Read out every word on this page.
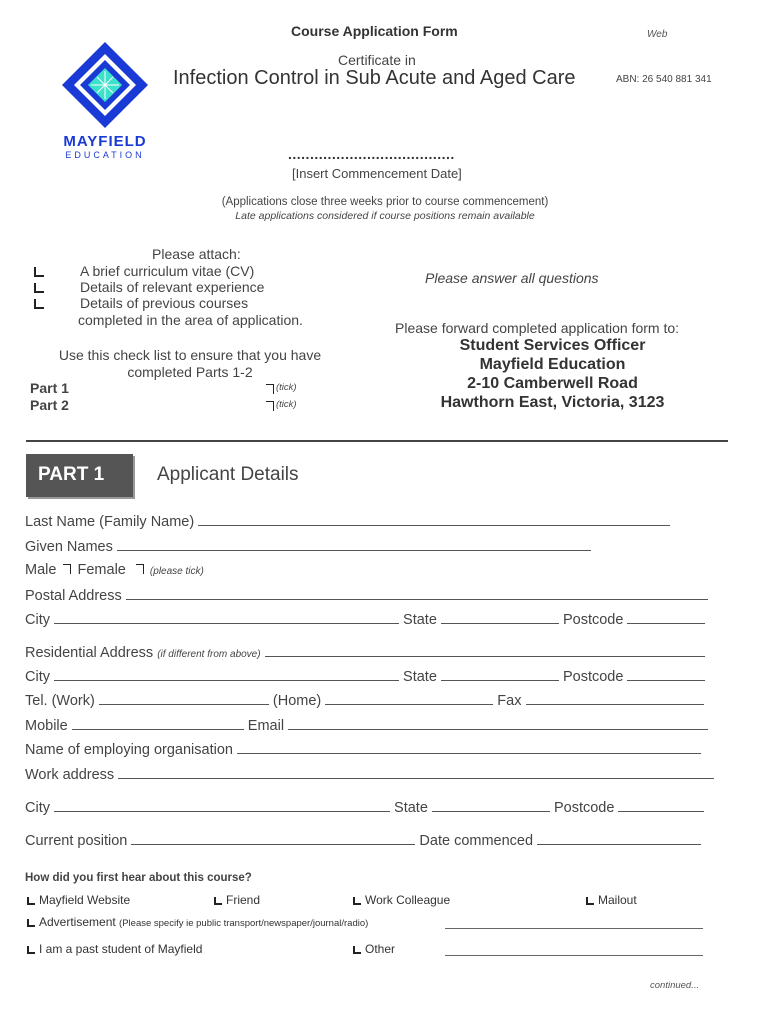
Course Application Form	Web
Certificate in
Infection Control in Sub Acute and Aged Care	ABN: 26 540 881 341
MAYFIELD
EDUCATION	......................................
[Insert Commencement Date]
(Applications close three weeks prior to course commencement)
Late applications considered if course positions remain available
Please attach:
A brief curriculum vitae (CV)
Details of relevant experience
Details of previous courses
completed in the area of application.
Use this check list to ensure that you have
completed Parts 1-2
Part 1	(tick)
Part 2	(tick)
Please answer all questions
Please forward completed application form to:
Student Services Officer
Mayfield Education
2-10 Camberwell Road
Hawthorn East, Victoria, 3123
PART 1	Applicant Details
Last Name (Family Name)
Given Names
Male Female (please tick)
Postal Address
City	State	Postcode
Residential Address (if different from above)
City	State	Postcode
Tel. (Work)	(Home)	Fax
Mobile	Email
Name of employing organisation
Work address
City	State	Postcode
Current position	Date commenced
How did you first hear about this course?
Mayfield Website	Friend	Work Colleague	Mailout
Advertisement (Please specify ie public transport/newspaper/journal/radio)
I am a past student of Mayfield	Other
continued...
